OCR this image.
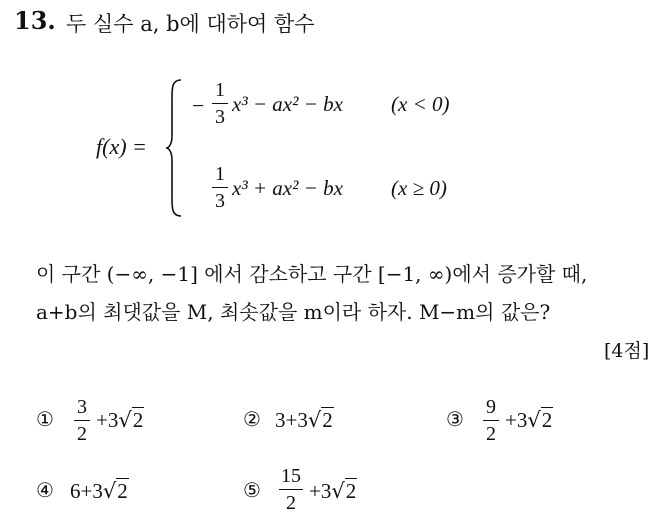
13. 두 실수 a, b에 대하여 함수
f(x) =
−
1
3
x³ − ax² − bx (x < 0)
1
3
x³ + ax² − bx (x ≥ 0)
이 구간 (−∞, −1] 에서 감소하고 구간 [−1, ∞)에서 증가할 때,
a+b의 최댓값을 M, 최솟값을 m이라 하자. M−m의 값은?
[4점]
① 3
2
+3√2	② 3+3√2	③ 9
2
+3√2
④ 6+3√2	⑤
15
2 +3√2
